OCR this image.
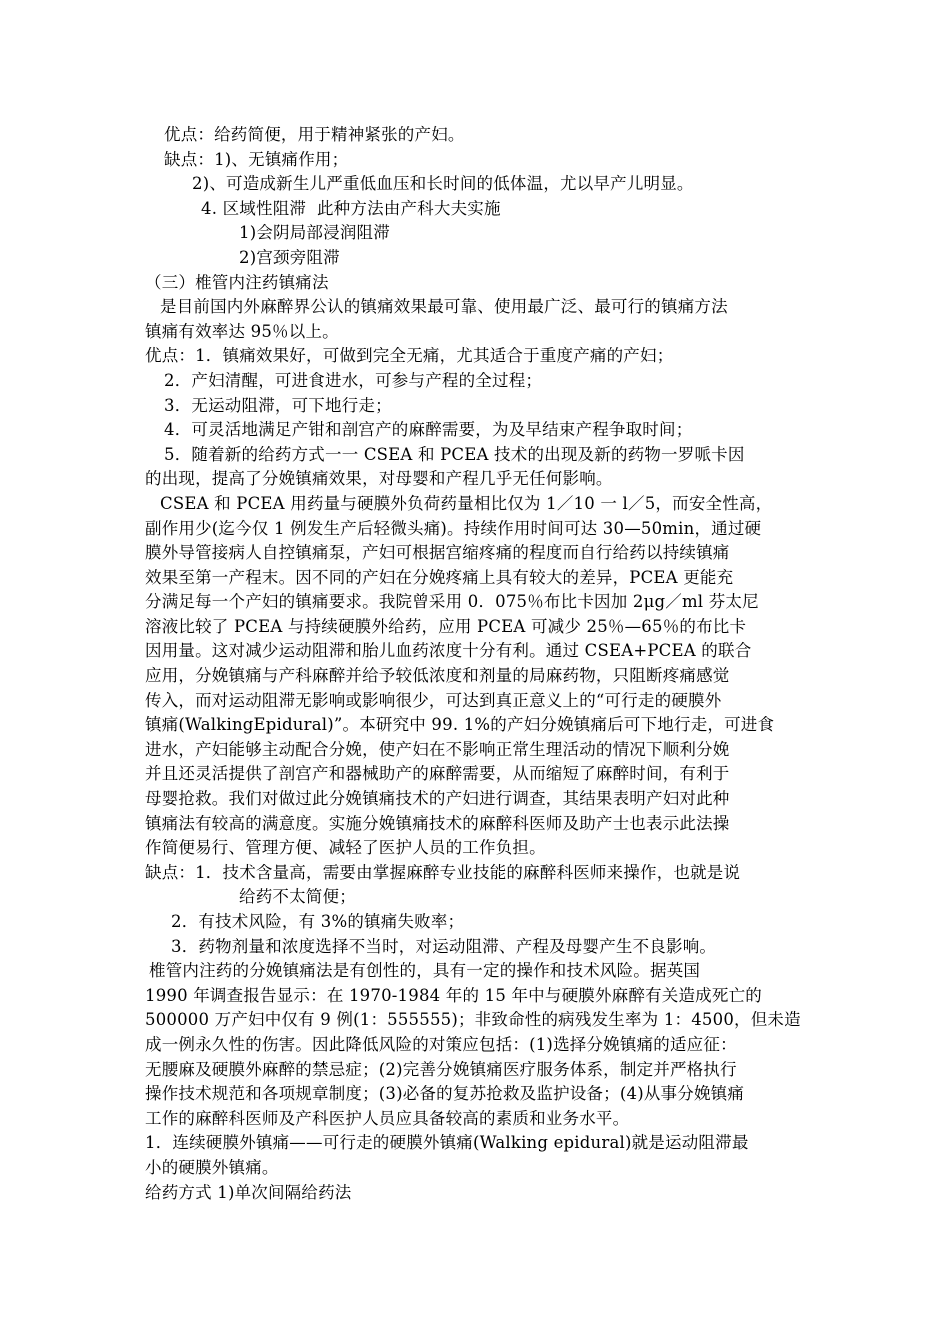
优点：给药简便，用于精神紧张的产妇。
缺点：1)、无镇痛作用；
2)、可造成新生儿严重低血压和长时间的低体温，尤以早产儿明显。
4. 区域性阻滞  此种方法由产科大夫实施
1)会阴局部浸润阻滞
2)宫颈旁阻滞
（三）椎管内注药镇痛法
是目前国内外麻醉界公认的镇痛效果最可靠、使用最广泛、最可行的镇痛方法
镇痛有效率达 95％以上。
优点：1．镇痛效果好，可做到完全无痛，尤其适合于重度产痛的产妇；
2．产妇清醒，可进食进水，可参与产程的全过程；
3．无运动阻滞，可下地行走；
4．可灵活地满足产钳和剖宫产的麻醉需要，为及早结束产程争取时间；
5．随着新的给药方式一一 CSEA 和 PCEA 技术的出现及新的药物一罗哌卡因
的出现，提高了分娩镇痛效果，对母婴和产程几乎无任何影响。
CSEA 和 PCEA 用药量与硬膜外负荷药量相比仅为 1／10 一 l／5，而安全性高，
副作用少(迄今仅 1 例发生产后轻微头痛)。持续作用时间可达 30—50min，通过硬
膜外导管接病人自控镇痛泵，产妇可根据宫缩疼痛的程度而自行给药以持续镇痛
效果至第一产程末。因不同的产妇在分娩疼痛上具有较大的差异，PCEA 更能充
分满足每一个产妇的镇痛要求。我院曾采用 0．075％布比卡因加 2μg／ml 芬太尼
溶液比较了 PCEA 与持续硬膜外给药，应用 PCEA 可减少 25％—65％的布比卡
因用量。这对减少运动阻滞和胎儿血药浓度十分有利。通过 CSEA+PCEA 的联合
应用，分娩镇痛与产科麻醉并给予较低浓度和剂量的局麻药物，只阻断疼痛感觉
传入，而对运动阻滞无影响或影响很少，可达到真正意义上的“可行走的硬膜外
镇痛(WalkingEpidural)”。本研究中 99. 1%的产妇分娩镇痛后可下地行走，可进食
进水，产妇能够主动配合分娩，使产妇在不影响正常生理活动的情况下顺利分娩
并且还灵活提供了剖宫产和器械助产的麻醉需要，从而缩短了麻醉时间，有利于
母婴抢救。我们对做过此分娩镇痛技术的产妇进行调查，其结果表明产妇对此种
镇痛法有较高的满意度。实施分娩镇痛技术的麻醉科医师及助产士也表示此法操
作简便易行、管理方便、减轻了医护人员的工作负担。
缺点：1．技术含量高，需要由掌握麻醉专业技能的麻醉科医师来操作，也就是说
给药不太简便；
2．有技术风险，有 3%的镇痛失败率；
3．药物剂量和浓度选择不当时，对运动阻滞、产程及母婴产生不良影响。
椎管内注药的分娩镇痛法是有创性的，具有一定的操作和技术风险。据英国
1990 年调查报告显示：在 1970-1984 年的 15 年中与硬膜外麻醉有关造成死亡的
500000 万产妇中仅有 9 例(1：555555)；非致命性的病残发生率为 1：4500，但未造
成一例永久性的伤害。因此降低风险的对策应包括：(1)选择分娩镇痛的适应征：
无腰麻及硬膜外麻醉的禁忌症；(2)完善分娩镇痛医疗服务体系，制定并严格执行
操作技术规范和各项规章制度；(3)必备的复苏抢救及监护设备；(4)从事分娩镇痛
工作的麻醉科医师及产科医护人员应具备较高的素质和业务水平。
1．连续硬膜外镇痛——可行走的硬膜外镇痛(Walking epidural)就是运动阻滞最
小的硬膜外镇痛。
给药方式 1)单次间隔给药法
